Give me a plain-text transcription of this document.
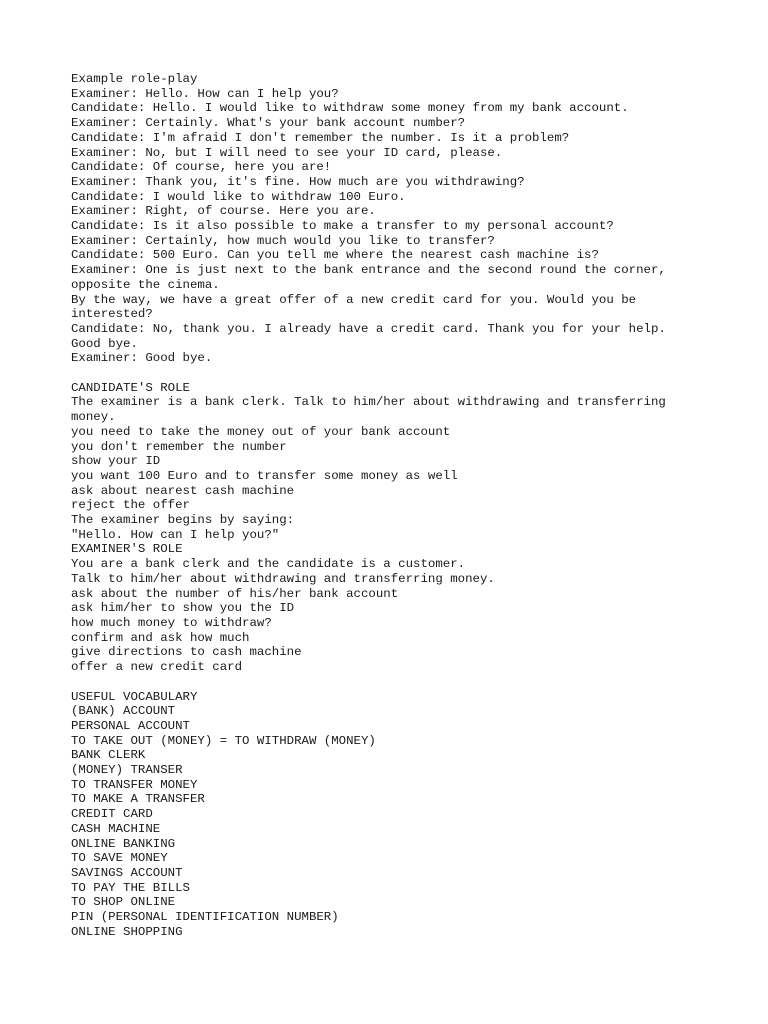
Example role-play

Examiner: Hello. How can I help you?

Candidate: Hello. I would like to withdraw some money from my bank account.

Examiner: Certainly. What's your bank account number?

Candidate: I'm afraid I don't remember the number. Is it a problem?

Examiner: No, but I will need to see your ID card, please.

Candidate: Of course, here you are!

Examiner: Thank you, it's fine. How much are you withdrawing?

Candidate: I would like to withdraw 100 Euro.

Examiner: Right, of course. Here you are.

Candidate: Is it also possible to make a transfer to my personal account?

Examiner: Certainly, how much would you like to transfer?

Candidate: 500 Euro. Can you tell me where the nearest cash machine is?

Examiner: One is just next to the bank entrance and the second round the corner,

opposite the cinema.

By the way, we have a great offer of a new credit card for you. Would you be

interested?

Candidate: No, thank you. I already have a credit card. Thank you for your help.

Good bye.

Examiner: Good bye.

CANDIDATE'S ROLE

The examiner is a bank clerk. Talk to him/her about withdrawing and transferring

money.

you need to take the money out of your bank account

you don't remember the number

show your ID

you want 100 Euro and to transfer some money as well

ask about nearest cash machine

reject the offer

The examiner begins by saying:

"Hello. How can I help you?"

EXAMINER'S ROLE

You are a bank clerk and the candidate is a customer.

Talk to him/her about withdrawing and transferring money.

ask about the number of his/her bank account

ask him/her to show you the ID

how much money to withdraw?

confirm and ask how much

give directions to cash machine

offer a new credit card

USEFUL VOCABULARY

(BANK) ACCOUNT

PERSONAL ACCOUNT

TO TAKE OUT (MONEY) = TO WITHDRAW (MONEY)

BANK CLERK

(MONEY) TRANSER

TO TRANSFER MONEY

TO MAKE A TRANSFER

CREDIT CARD

CASH MACHINE

ONLINE BANKING

TO SAVE MONEY

SAVINGS ACCOUNT

TO PAY THE BILLS

TO SHOP ONLINE

PIN (PERSONAL IDENTIFICATION NUMBER)

ONLINE SHOPPING
